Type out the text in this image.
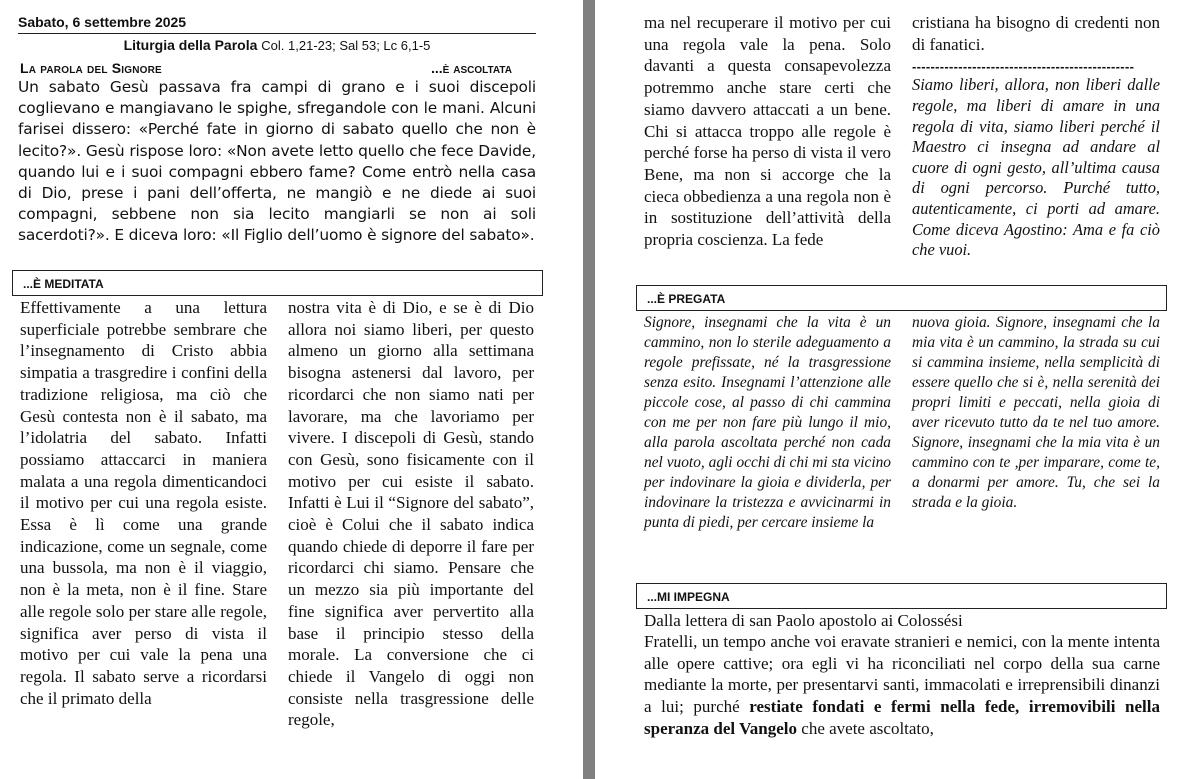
Sabato, 6 settembre 2025
Liturgia della Parola Col. 1,21-23; Sal 53; Lc 6,1-5
La parola del Signore	...è ascoltata
Un sabato Gesù passava fra campi di grano e i suoi discepoli coglievano e mangiavano le spighe, sfregandole con le mani. Alcuni farisei dissero: «Perché fate in giorno di sabato quello che non è lecito?». Gesù rispose loro: «Non avete letto quello che fece Davide, quando lui e i suoi compagni ebbero fame? Come entrò nella casa di Dio, prese i pani dell’offerta, ne mangiò e ne diede ai suoi compagni, sebbene non sia lecito mangiarli se non ai soli sacerdoti?». E diceva loro: «Il Figlio dell’uomo è signore del sabato».
...È MEDITATA

Effettivamente a una lettura superficiale potrebbe sembrare che l’insegnamento di Cristo abbia simpatia a trasgredire i confini della tradizione religiosa, ma ciò che Gesù contesta non è il sabato, ma l’idolatria del sabato. Infatti possiamo attaccarci in maniera malata a una regola dimenticandoci il motivo per cui una regola esiste. Essa è lì come una grande indicazione, come un segnale, come una bussola, ma non è il viaggio, non è la meta, non è il fine. Stare alle regole solo per stare alle regole, significa aver perso di vista il motivo per cui vale la pena una regola. Il sabato serve a ricordarsi che il primato della

nostra vita è di Dio, e se è di Dio allora noi siamo liberi, per questo almeno un giorno alla settimana bisogna astenersi dal lavoro, per ricordarci che non siamo nati per lavorare, ma che lavoriamo per vivere. I discepoli di Gesù, stando con Gesù, sono fisicamente con il motivo per cui esiste il sabato. Infatti è Lui il “Signore del sabato”, cioè è Colui che il sabato indica quando chiede di deporre il fare per ricordarci chi siamo. Pensare che un mezzo sia più importante del fine significa aver pervertito alla base il principio stesso della morale. La conversione che ci chiede il Vangelo di oggi non consiste nella trasgressione delle regole,

ma nel recuperare il motivo per cui una regola vale la pena. Solo davanti a questa consapevolezza potremmo anche stare certi che siamo davvero attaccati a un bene. Chi si attacca troppo alle regole è perché forse ha perso di vista il vero Bene, ma non si accorge che la cieca obbedienza a una regola non è in sostituzione dell’attività della propria coscienza. La fede

cristiana ha bisogno di credenti non di fanatici.

------------------------------------------------

Siamo liberi, allora, non liberi dalle regole, ma liberi di amare in una regola di vita, siamo liberi perché il Maestro ci insegna ad andare al cuore di ogni gesto, all’ultima causa di ogni percorso. Purché tutto, autenticamente, ci porti ad amare. Come diceva Agostino: Ama e fa ciò che vuoi.

...È PREGATA

Signore, insegnami che la vita è un cammino, non lo sterile adeguamento a regole prefissate, né la trasgressione senza esito. Insegnami l’attenzione alle piccole cose, al passo di chi cammina con me per non fare più lungo il mio, alla parola ascoltata perché non cada nel vuoto, agli occhi di chi mi sta vicino per indovinare la gioia e dividerla, per indovinare la tristezza e avvicinarmi in punta di piedi, per cercare insieme la

nuova gioia. Signore, insegnami che la mia vita è un cammino, la strada su cui si cammina insieme, nella semplicità di essere quello che si è, nella serenità dei propri limiti e peccati, nella gioia di aver ricevuto tutto da te nel tuo amore. Signore, insegnami che la mia vita è un cammino con te ,per imparare, come te, a donarmi per amore. Tu, che sei la strada e la gioia.

...MI IMPEGNA
Dalla lettera di san Paolo apostolo ai Colossési
Fratelli, un tempo anche voi eravate stranieri e nemici, con la mente intenta alle opere cattive; ora egli vi ha riconciliati nel corpo della sua carne mediante la morte, per presentarvi santi, immacolati e irreprensibili dinanzi a lui; purché restiate fondati e fermi nella fede, irremovibili nella speranza del Vangelo che avete ascoltato,
